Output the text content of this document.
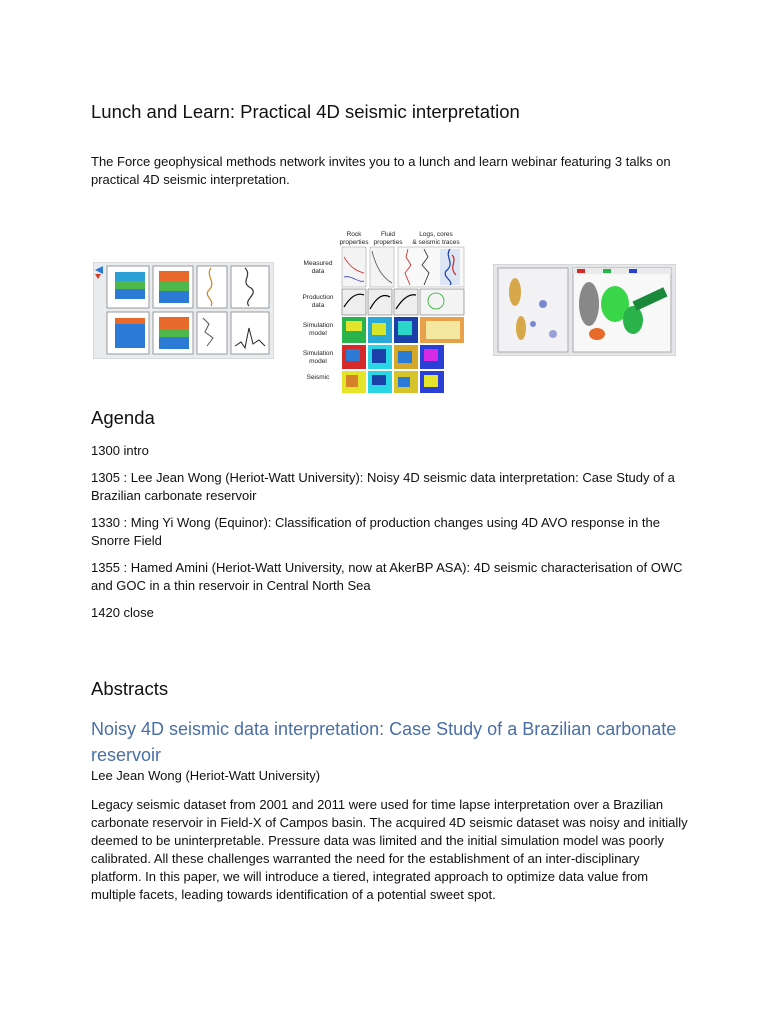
Lunch and Learn: Practical 4D seismic interpretation

The Force geophysical methods network invites you to a lunch and learn webinar featuring 3 talks on practical 4D seismic interpretation.

Rock
properties
Fluid
properties
Logs, cores
& seismic traces
Measured
data
Production
data
Simulation
model
Simulation
model
Seismic
Agenda

1300 intro

1305 : Lee Jean Wong (Heriot-Watt University): Noisy 4D seismic data interpretation: Case Study of a Brazilian carbonate reservoir

1330 : Ming Yi Wong (Equinor): Classification of production changes using 4D AVO response in the Snorre Field

1355 : Hamed Amini (Heriot-Watt University, now at AkerBP ASA): 4D seismic characterisation of OWC and GOC in a thin reservoir in Central North Sea

1420 close

Abstracts
Noisy 4D seismic data interpretation: Case Study of a Brazilian carbonate reservoir

Lee Jean Wong (Heriot-Watt University)

Legacy seismic dataset from 2001 and 2011 were used for time lapse interpretation over a Brazilian carbonate reservoir in Field-X of Campos basin. The acquired 4D seismic dataset was noisy and initially deemed to be uninterpretable. Pressure data was limited and the initial simulation model was poorly calibrated. All these challenges warranted the need for the establishment of an inter-disciplinary platform. In this paper, we will introduce a tiered, integrated approach to optimize data value from multiple facets, leading towards identification of a potential sweet spot.
